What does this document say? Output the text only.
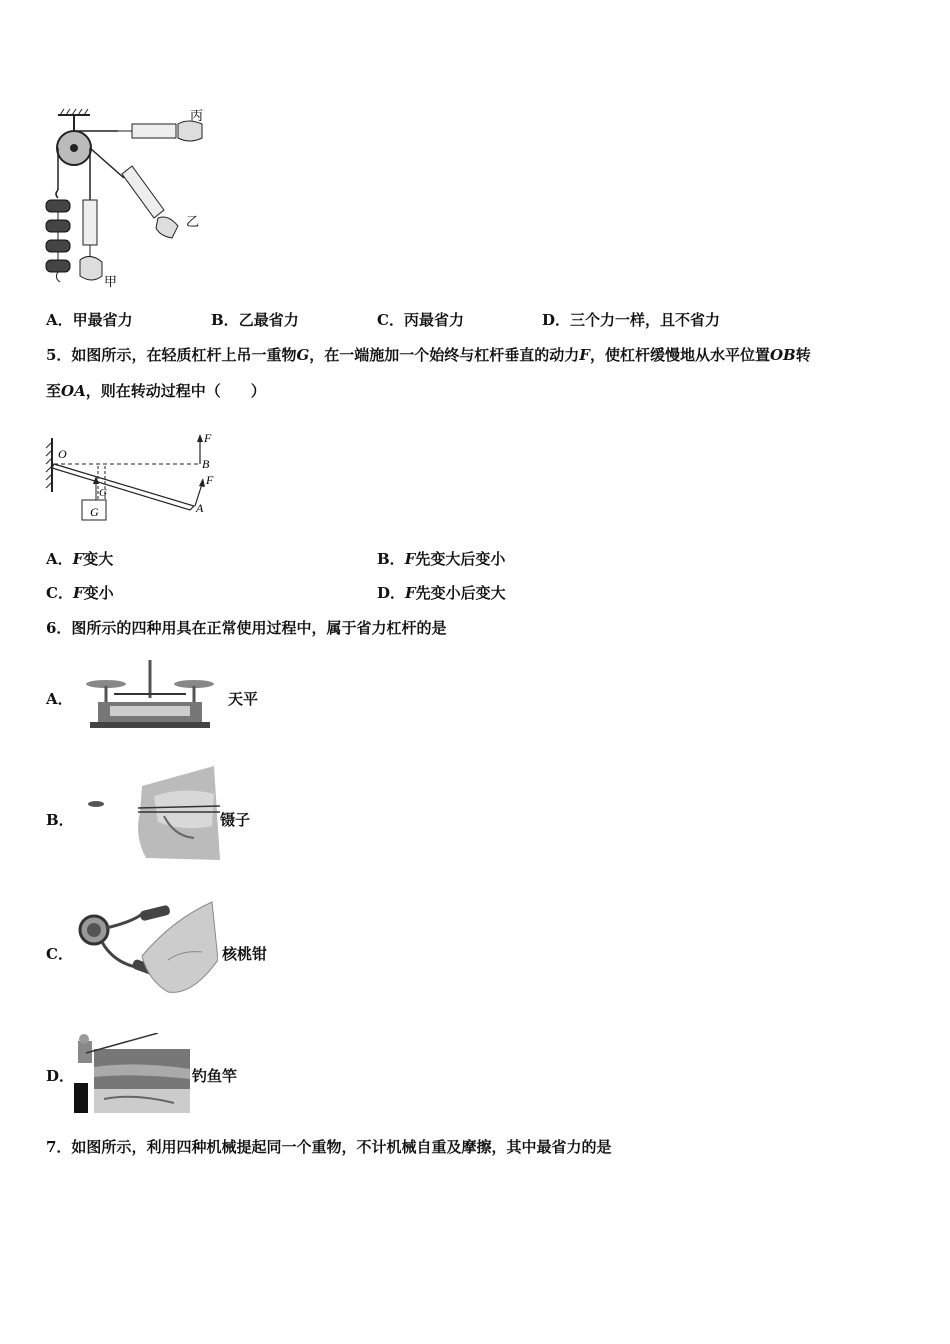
丙
乙
甲
A．甲最省力	B．乙最省力	C．丙最省力	D．三个力一样，且不省力
5．如图所示，在轻质杠杆上吊一重物G，在一端施加一个始终与杠杆垂直的动力F，使杠杆缓慢地从水平位置OB转
至OA，则在转动过程中（　　）
O
B
A
F
F
G
G
A．F变大	B．F先变大后变小
C．F变小	D．F先变小后变大
6．图所示的四种用具在正常使用过程中，属于省力杠杆的是
A．	天平
B．	镊子
C．	核桃钳
D．	钓鱼竿
7．如图所示，利用四种机械提起同一个重物，不计机械自重及摩擦，其中最省力的是
